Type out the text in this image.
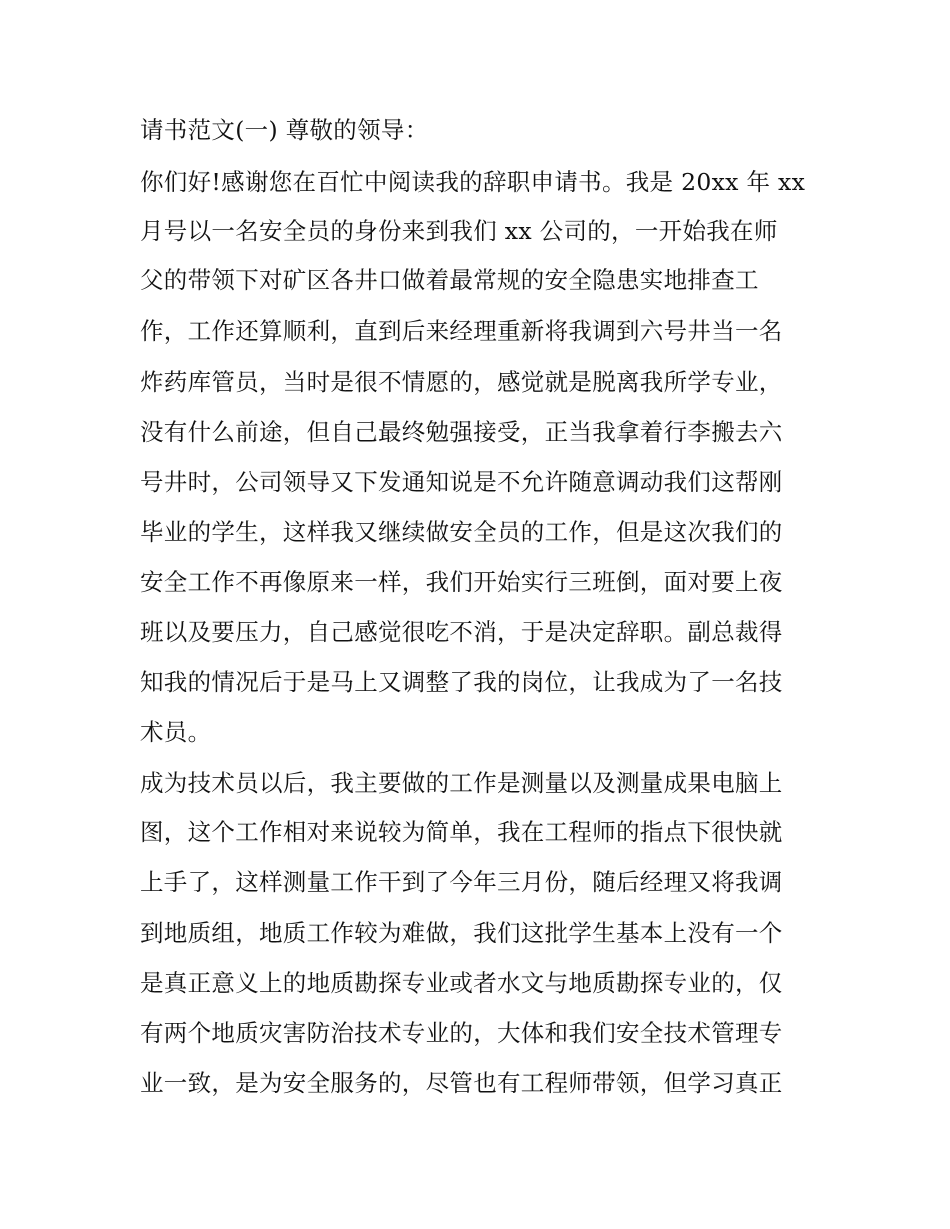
请书范文(一) 尊敬的领导：
你们好!感谢您在百忙中阅读我的辞职申请书。我是 20xx 年 xx
月号以一名安全员的身份来到我们 xx 公司的，一开始我在师
父的带领下对矿区各井口做着最常规的安全隐患实地排查工
作，工作还算顺利，直到后来经理重新将我调到六号井当一名
炸药库管员，当时是很不情愿的，感觉就是脱离我所学专业，
没有什么前途，但自己最终勉强接受，正当我拿着行李搬去六
号井时，公司领导又下发通知说是不允许随意调动我们这帮刚
毕业的学生，这样我又继续做安全员的工作，但是这次我们的
安全工作不再像原来一样，我们开始实行三班倒，面对要上夜
班以及要压力，自己感觉很吃不消，于是决定辞职。副总裁得
知我的情况后于是马上又调整了我的岗位，让我成为了一名技
术员。
成为技术员以后，我主要做的工作是测量以及测量成果电脑上
图，这个工作相对来说较为简单，我在工程师的指点下很快就
上手了，这样测量工作干到了今年三月份，随后经理又将我调
到地质组，地质工作较为难做，我们这批学生基本上没有一个
是真正意义上的地质勘探专业或者水文与地质勘探专业的，仅
有两个地质灾害防治技术专业的，大体和我们安全技术管理专
业一致，是为安全服务的，尽管也有工程师带领，但学习真正
